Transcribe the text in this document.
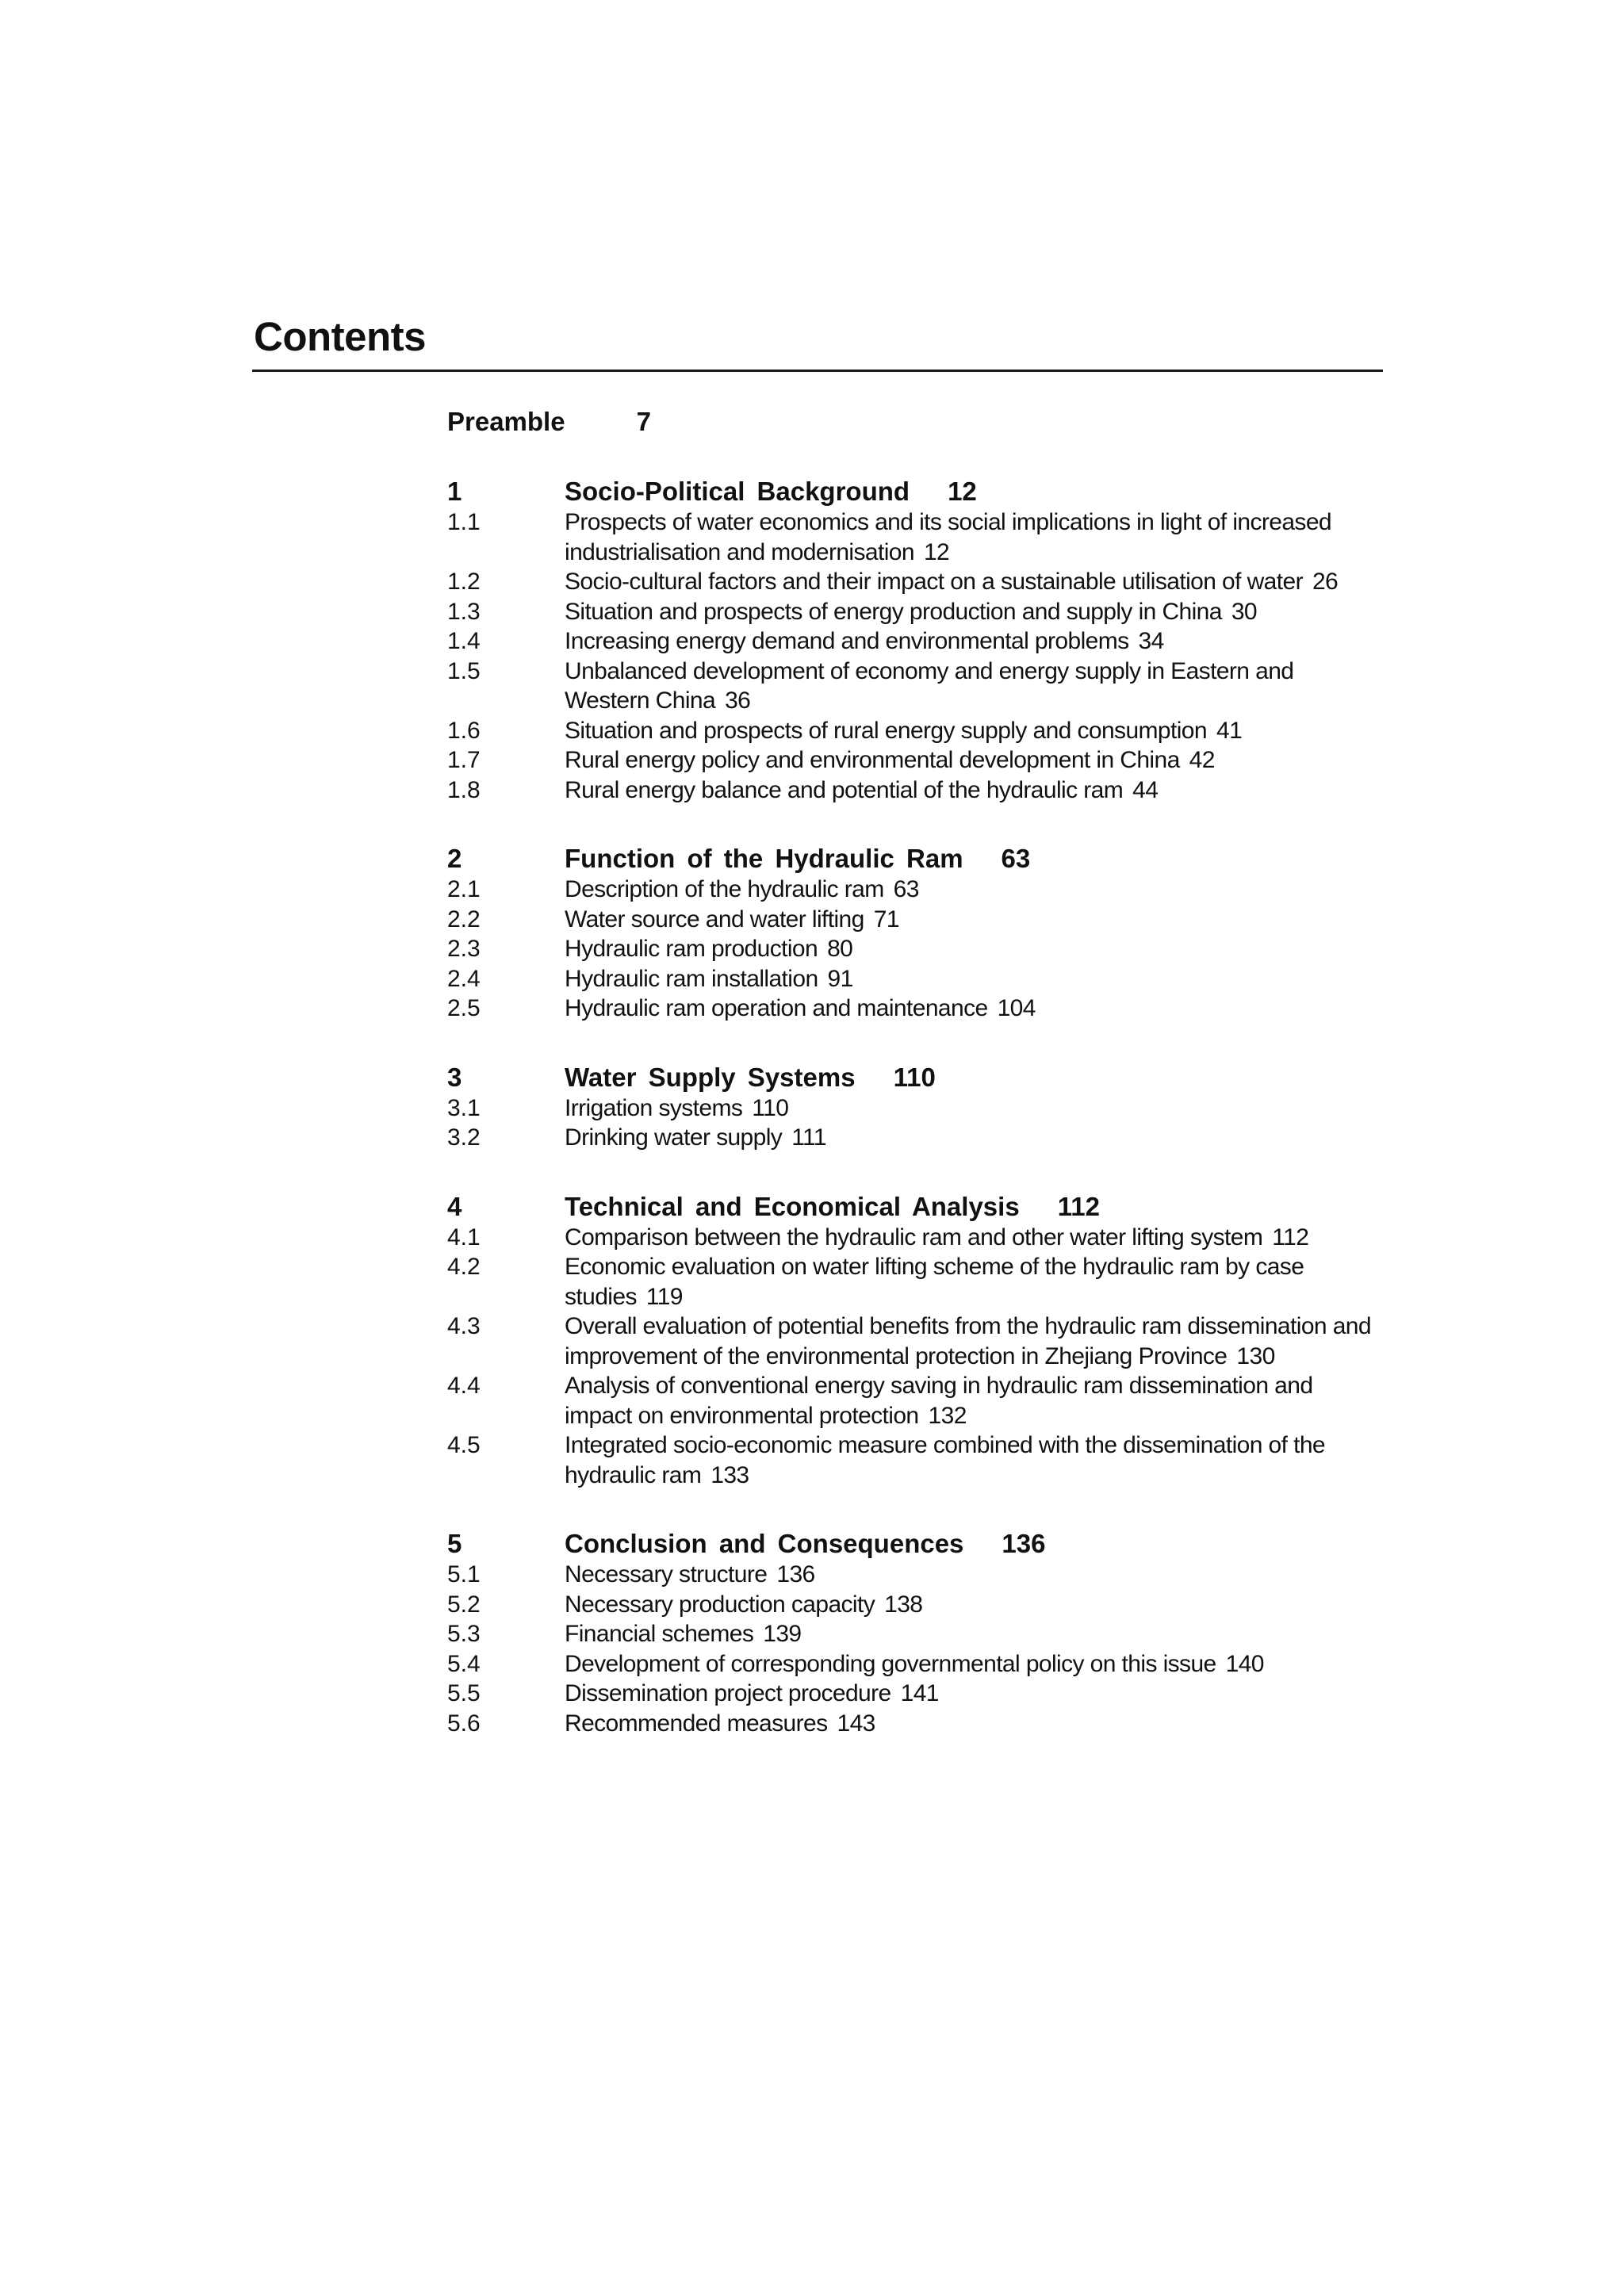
Contents
Preamble	7
1	Socio-Political Background 12
1.1	Prospects of water economics and its social implications in light of increased industrialisation and modernisation 12
1.2	Socio-cultural factors and their impact on a sustainable utilisation of water 26
1.3	Situation and prospects of energy production and supply in China 30
1.4	Increasing energy demand and environmental problems 34
1.5	Unbalanced development of economy and energy supply in Eastern and Western China 36
1.6	Situation and prospects of rural energy supply and consumption 41
1.7	Rural energy policy and environmental development in China 42
1.8	Rural energy balance and potential of the hydraulic ram 44
2	Function of the Hydraulic Ram 63
2.1	Description of the hydraulic ram 63
2.2	Water source and water lifting 71
2.3	Hydraulic ram production 80
2.4	Hydraulic ram installation 91
2.5	Hydraulic ram operation and maintenance 104
3	Water Supply Systems 110
3.1	Irrigation systems 110
3.2	Drinking water supply 111
4	Technical and Economical Analysis 112
4.1	Comparison between the hydraulic ram and other water lifting system 112
4.2	Economic evaluation on water lifting scheme of the hydraulic ram by case studies 119
4.3	Overall evaluation of potential benefits from the hydraulic ram dissemination and improvement of the environmental protection in Zhejiang Province 130
4.4	Analysis of conventional energy saving in hydraulic ram dissemination and impact on environmental protection 132
4.5	Integrated socio-economic measure combined with the dissemination of the hydraulic ram 133
5	Conclusion and Consequences 136
5.1	Necessary structure 136
5.2	Necessary production capacity 138
5.3	Financial schemes 139
5.4	Development of corresponding governmental policy on this issue 140
5.5	Dissemination project procedure 141
5.6	Recommended measures 143
